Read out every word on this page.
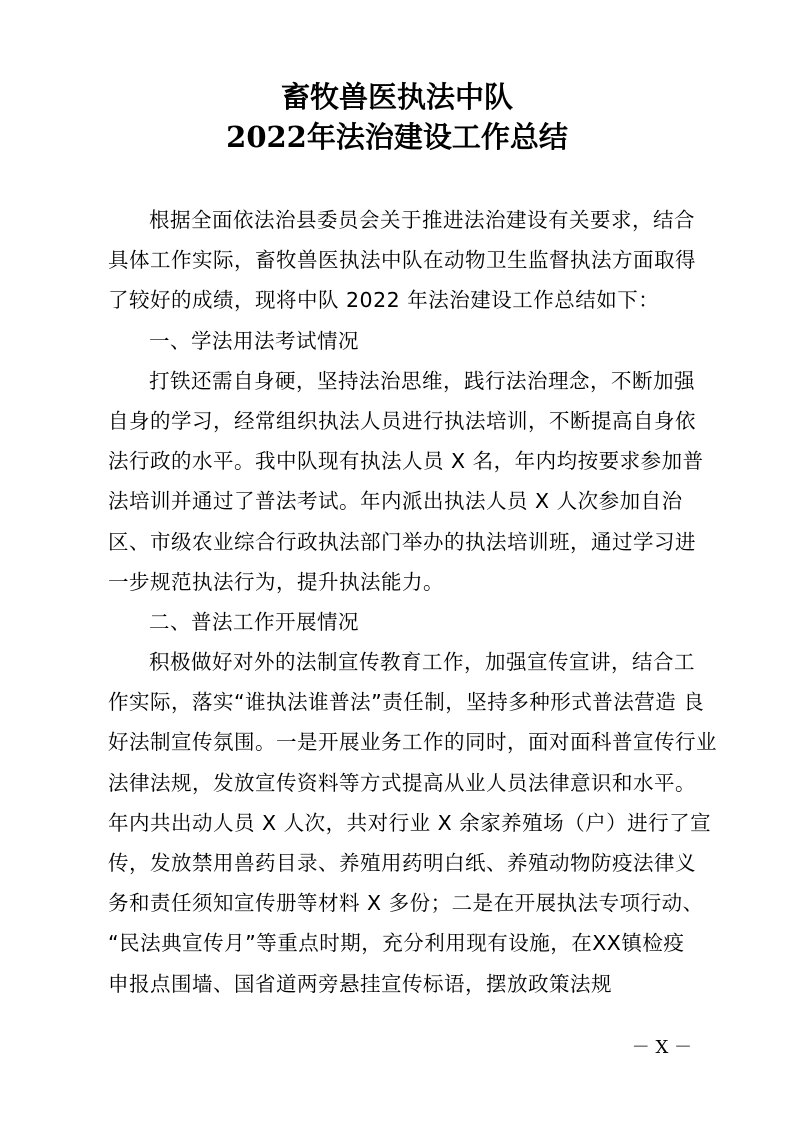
畜牧兽医执法中队
2022年法治建设工作总结
根据全面依法治县委员会关于推进法治建设有关要求，结合
具体工作实际，畜牧兽医执法中队在动物卫生监督执法方面取得
了较好的成绩，现将中队 2022 年法治建设工作总结如下：
一、学法用法考试情况
打铁还需自身硬，坚持法治思维，践行法治理念，不断加强
自身的学习，经常组织执法人员进行执法培训，不断提高自身依
法行政的水平。我中队现有执法人员 X 名，年内均按要求参加普
法培训并通过了普法考试。年内派出执法人员 X 人次参加自治
区、市级农业综合行政执法部门举办的执法培训班，通过学习进
一步规范执法行为，提升执法能力。
二、普法工作开展情况
积极做好对外的法制宣传教育工作，加强宣传宣讲，结合工
作实际，落实“谁执法谁普法”责任制，坚持多种形式普法营造 良
好法制宣传氛围。一是开展业务工作的同时，面对面科普宣传行业
法律法规，发放宣传资料等方式提高从业人员法律意识和水平。
年内共出动人员 X 人次，共对行业 X 余家养殖场（户）进行了宣
传，发放禁用兽药目录、养殖用药明白纸、养殖动物防疫法律义
务和责任须知宣传册等材料 X 多份；二是在开展执法专项行动、
“民法典宣传月”等重点时期，充分利用现有设施，在XX镇检疫
申报点围墙、国省道两旁悬挂宣传标语，摆放政策法规
－ X －
